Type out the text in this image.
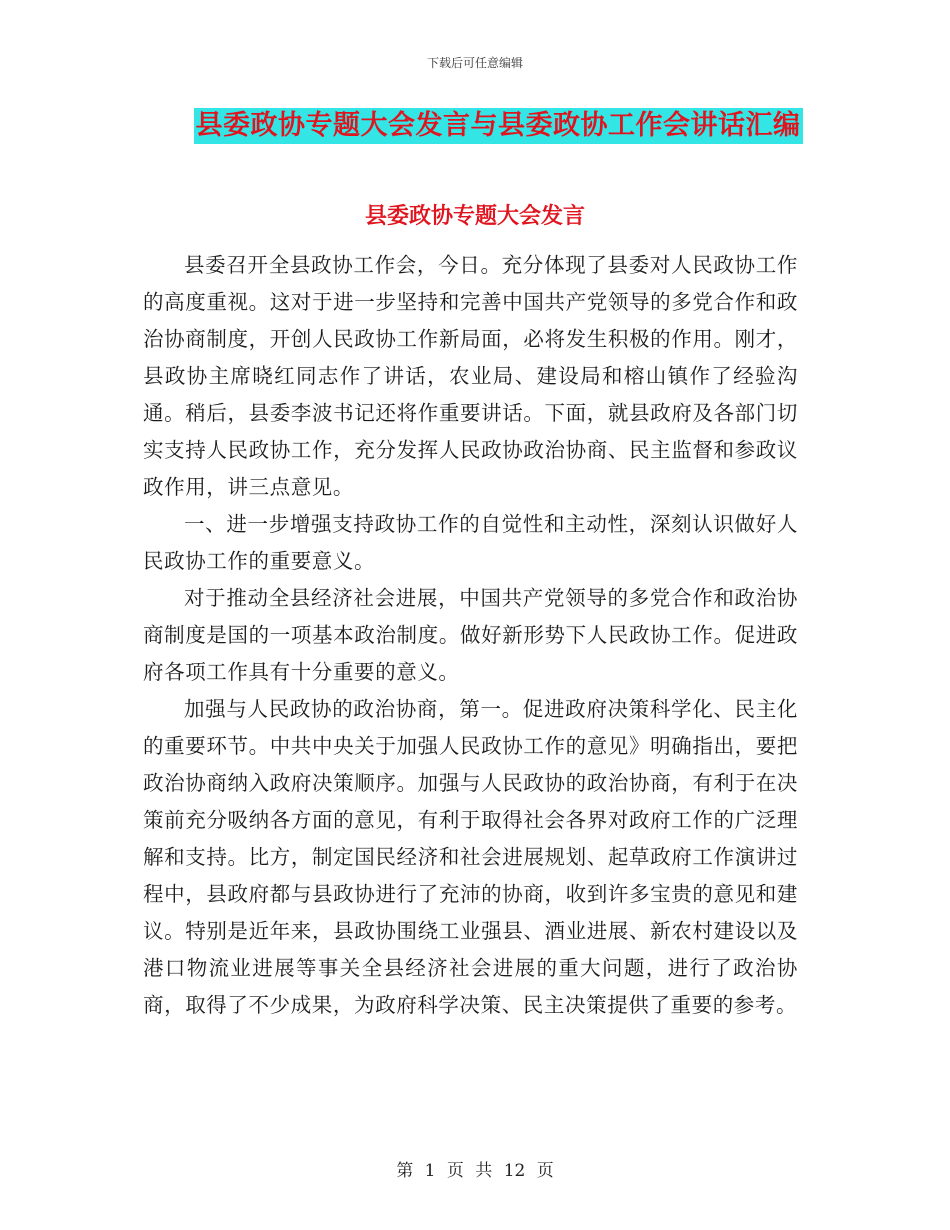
下载后可任意编辑
县委政协专题大会发言与县委政协工作会讲话汇编
县委政协专题大会发言

县委召开全县政协工作会，今日。充分体现了县委对人民政协工作的高度重视。这对于进一步坚持和完善中国共产党领导的多党合作和政治协商制度，开创人民政协工作新局面，必将发生积极的作用。刚才，县政协主席晓红同志作了讲话，农业局、建设局和榕山镇作了经验沟通。稍后，县委李波书记还将作重要讲话。下面，就县政府及各部门切实支持人民政协工作，充分发挥人民政协政治协商、民主监督和参政议政作用，讲三点意见。

一、进一步增强支持政协工作的自觉性和主动性，深刻认识做好人民政协工作的重要意义。

对于推动全县经济社会进展，中国共产党领导的多党合作和政治协商制度是国的一项基本政治制度。做好新形势下人民政协工作。促进政府各项工作具有十分重要的意义。

加强与人民政协的政治协商，第一。促进政府决策科学化、民主化的重要环节。中共中央关于加强人民政协工作的意见》明确指出，要把政治协商纳入政府决策顺序。加强与人民政协的政治协商，有利于在决策前充分吸纳各方面的意见，有利于取得社会各界对政府工作的广泛理解和支持。比方，制定国民经济和社会进展规划、起草政府工作演讲过程中，县政府都与县政协进行了充沛的协商，收到许多宝贵的意见和建议。特别是近年来，县政协围绕工业强县、酒业进展、新农村建设以及港口物流业进展等事关全县经济社会进展的重大问题，进行了政治协商，取得了不少成果，为政府科学决策、民主决策提供了重要的参考。

第 1 页 共 12 页
